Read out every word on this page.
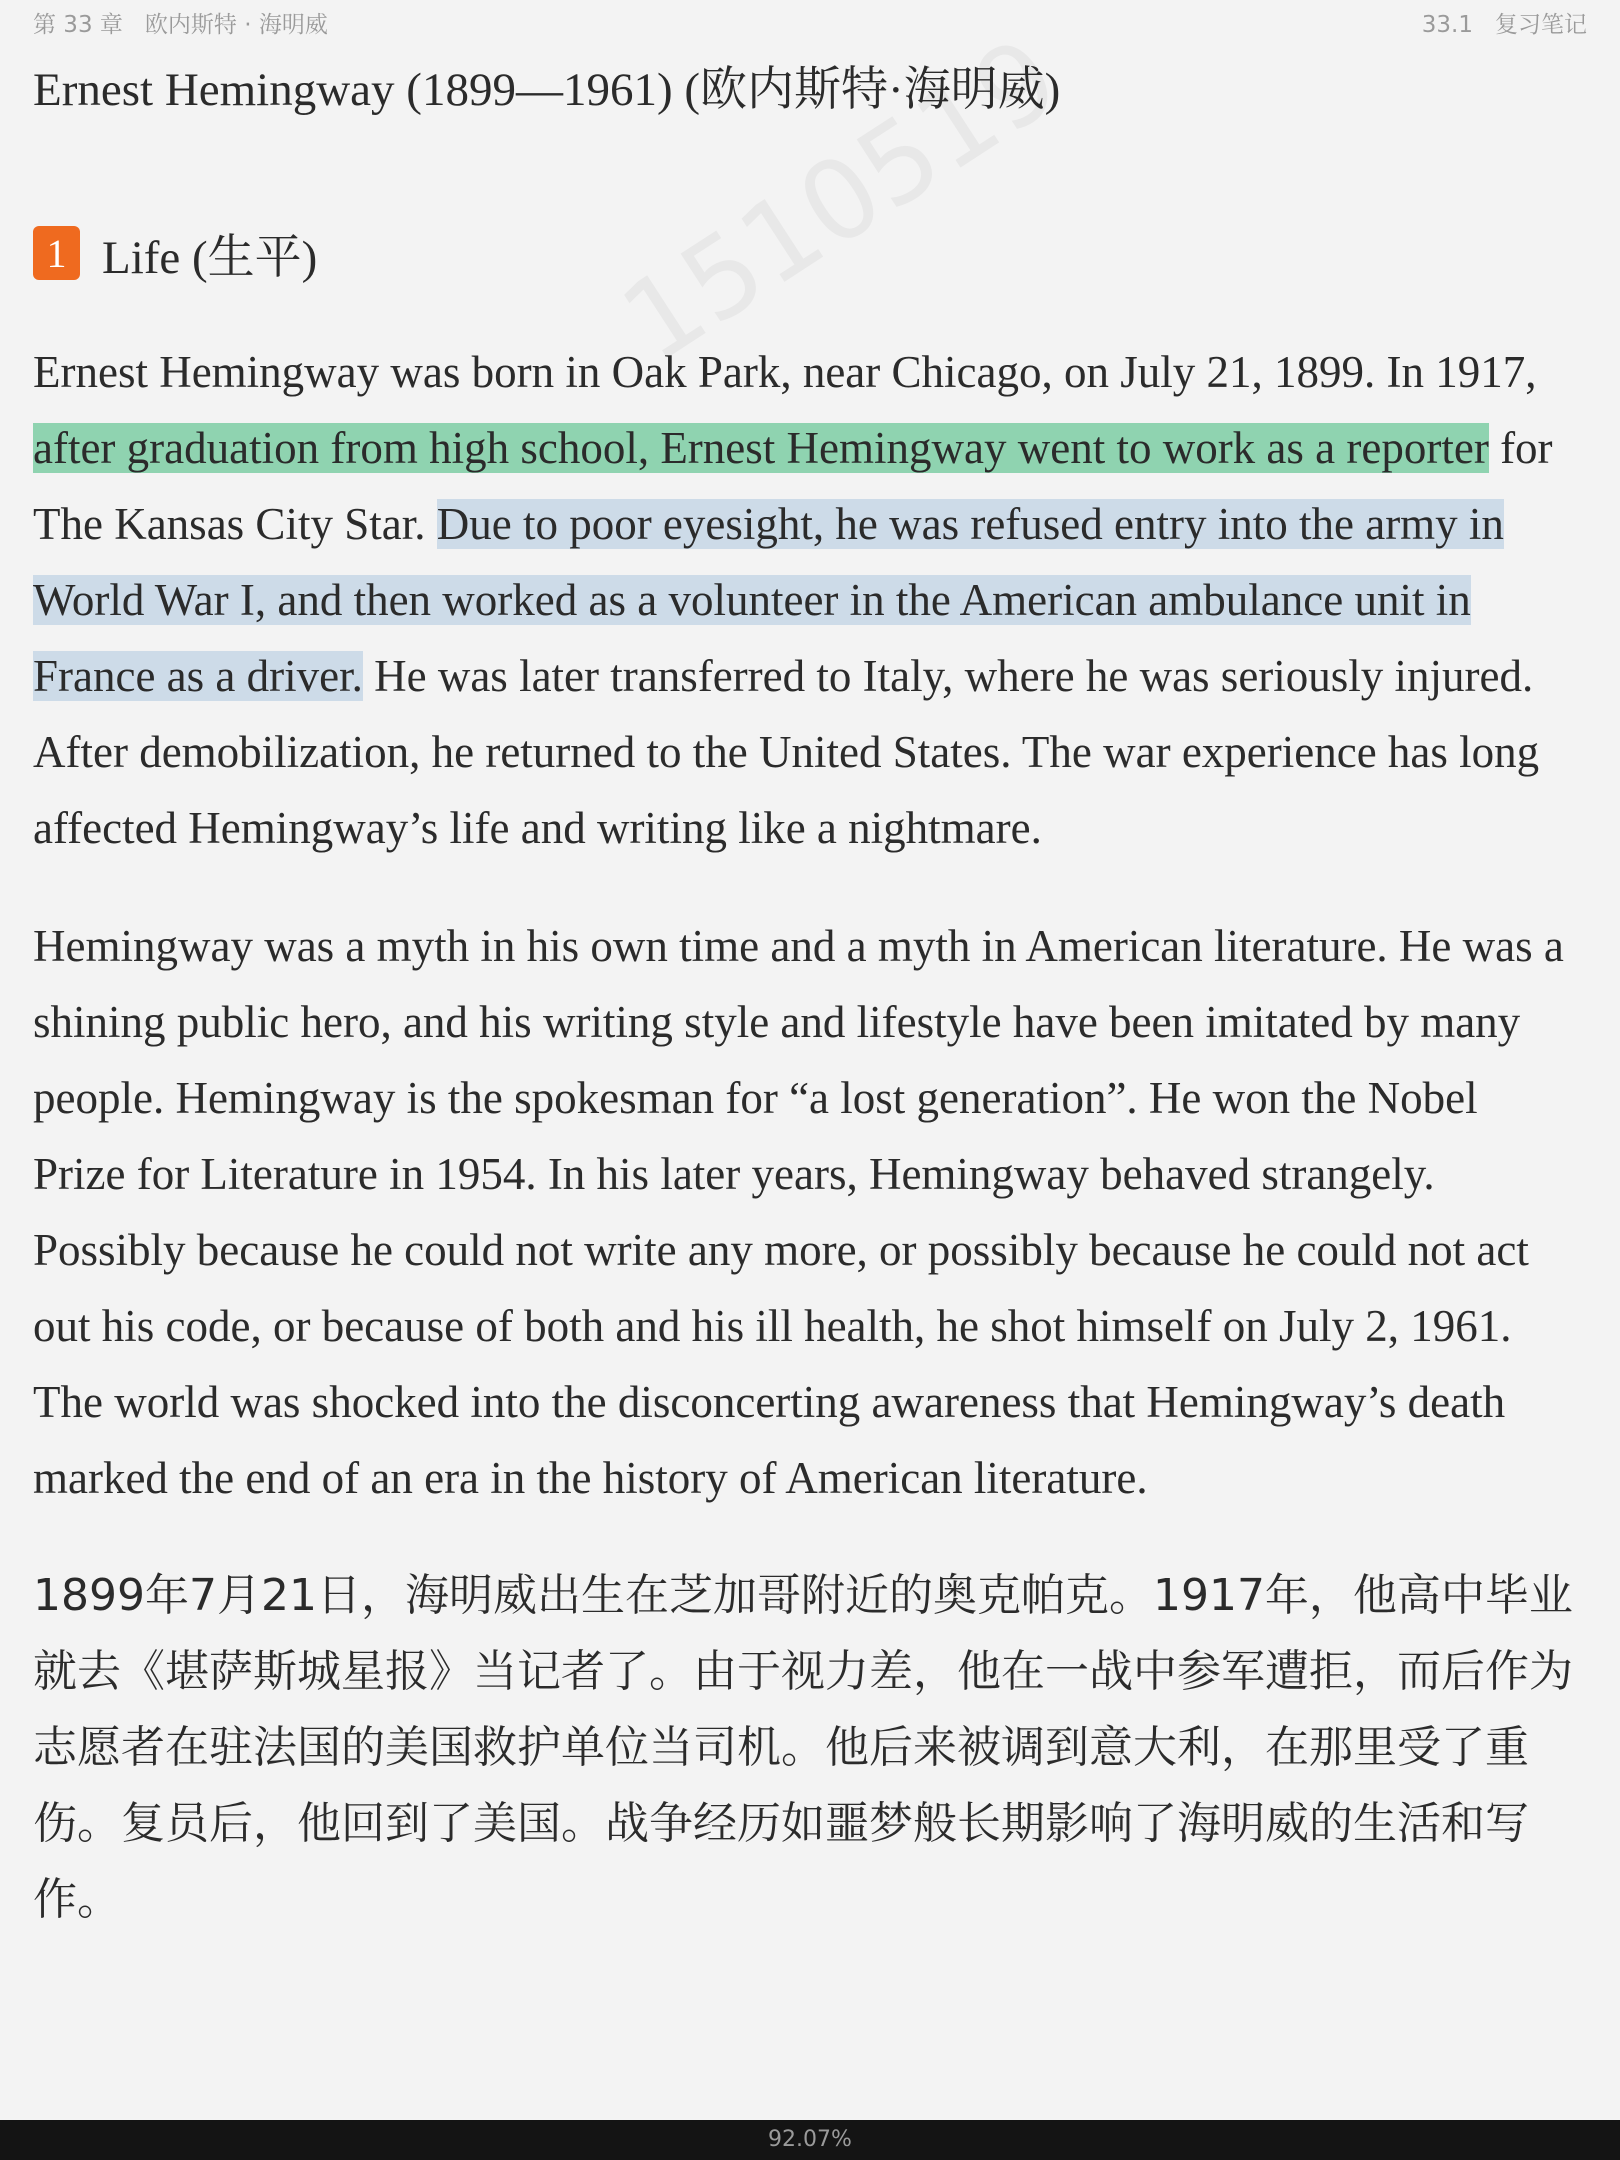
第 33 章 欧内斯特 · 海明威	33.1 复习笔记
Ernest Hemingway (1899—1961) (欧内斯特·海明威)
1 Life (生平)

Ernest Hemingway was born in Oak Park, near Chicago, on July 21, 1899. In 1917, after graduation from high school, Ernest Hemingway went to work as a reporter for The Kansas City Star. Due to poor eyesight, he was refused entry into the army in World War I, and then worked as a volunteer in the American ambulance unit in France as a driver. He was later transferred to Italy, where he was seriously injured. After demobilization, he returned to the United States. The war experience has long affected Hemingway’s life and writing like a nightmare.

Hemingway was a myth in his own time and a myth in American literature. He was a shining public hero, and his writing style and lifestyle have been imitated by many people. Hemingway is the spokesman for “a lost generation”. He won the Nobel Prize for Literature in 1954. In his later years, Hemingway behaved strangely. Possibly because he could not write any more, or possibly because he could not act out his code, or because of both and his ill health, he shot himself on July 2, 1961. The world was shocked into the disconcerting awareness that Hemingway’s death marked the end of an era in the history of American literature.

1899年7月21日，海明威出生在芝加哥附近的奥克帕克。1917年，他高中毕业就去《堪萨斯城星报》当记者了。由于视力差，他在一战中参军遭拒，而后作为志愿者在驻法国的美国救护单位当司机。他后来被调到意大利，在那里受了重伤。复员后，他回到了美国。战争经历如噩梦般长期影响了海明威的生活和写作。

92.07%
